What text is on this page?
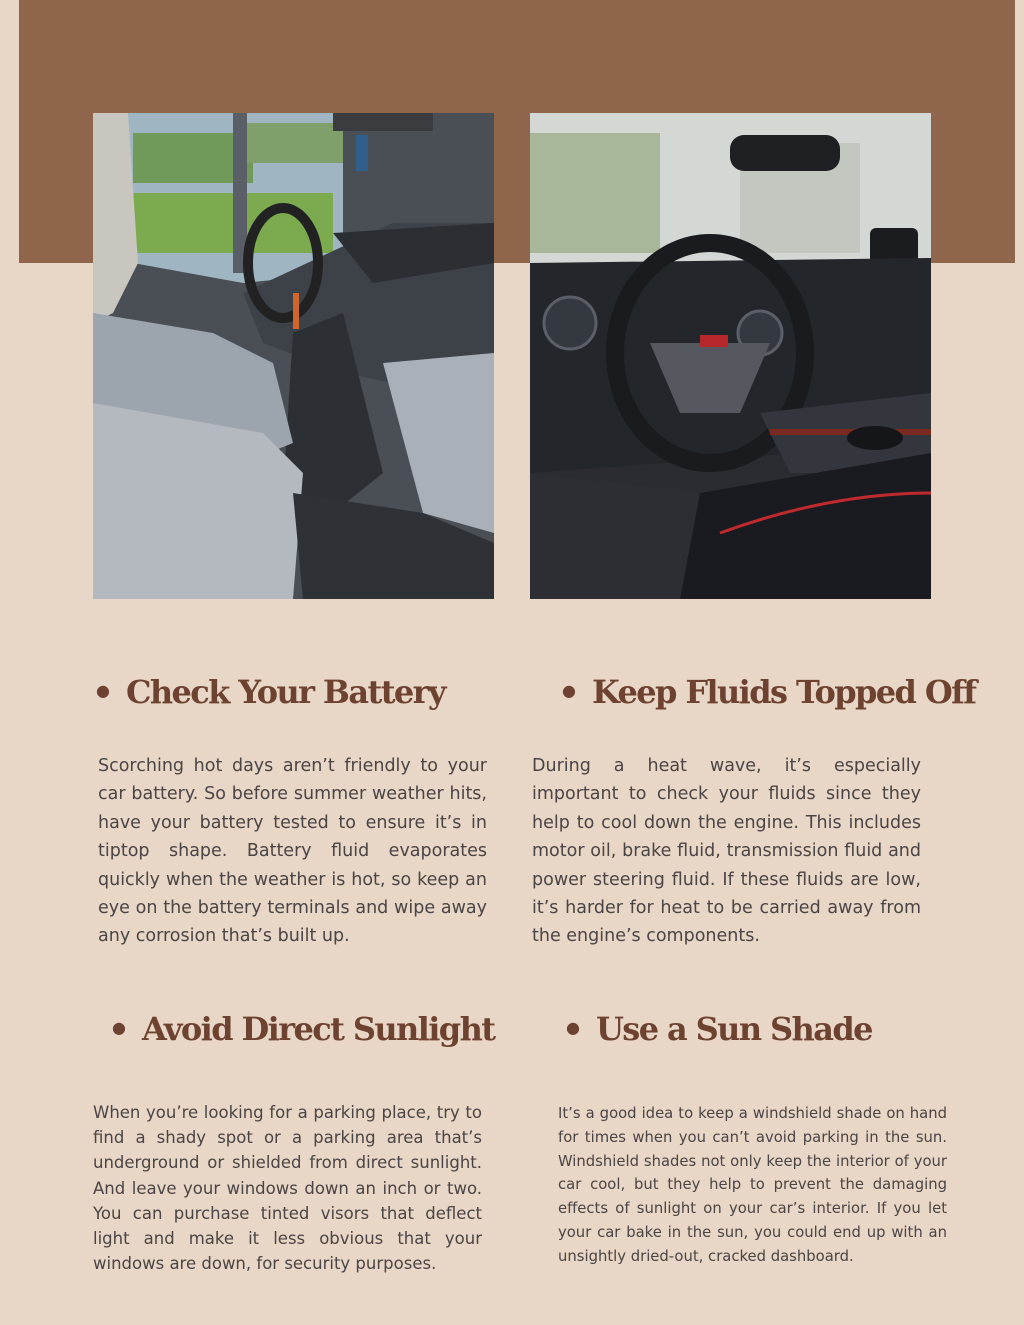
● Check Your Battery	● Keep Fluids Topped Off
● Avoid Direct Sunlight	● Use a Sun Shade

Scorching hot days aren’t friendly to your car battery. So before summer weather hits, have your battery tested to ensure it’s in tiptop shape. Battery fluid evaporates quickly when the weather is hot, so keep an eye on the battery terminals and wipe away any corrosion that’s built up.

During a heat wave, it’s especially important to check your fluids since they help to cool down the engine. This includes motor oil, brake fluid, transmission fluid and power steering fluid. If these fluids are low, it’s harder for heat to be carried away from the engine’s components.

When you’re looking for a parking place, try to find a shady spot or a parking area that’s underground or shielded from direct sunlight. And leave your windows down an inch or two. You can purchase tinted visors that deflect light and make it less obvious that your windows are down, for security purposes.

It’s a good idea to keep a windshield shade on hand for times when you can’t avoid parking in the sun. Windshield shades not only keep the interior of your car cool, but they help to prevent the damaging effects of sunlight on your car’s interior. If you let your car bake in the sun, you could end up with an unsightly dried-out, cracked dashboard.
